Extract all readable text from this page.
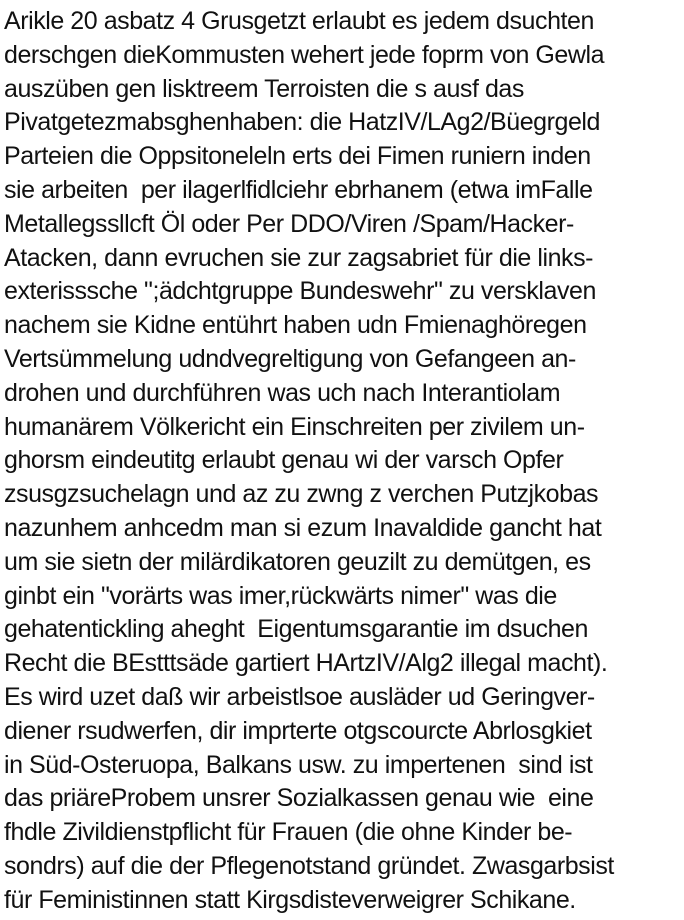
Arikle 20 asbatz 4 Grusgetzt erlaubt es jedem dsuchten
derschgen dieKommusten wehert jede foprm von Gewla
auszüben gen lisktreem Terroisten die s ausf das
Pivatgetezmabsghenhaben: die HatzIV/LAg2/Büegrgeld
Parteien die Oppsitoneleln erts dei Fimen runiern inden
sie arbeiten  per ilagerlfidlciehr ebrhanem (etwa imFalle
Metallegssllcft Öl oder Per DDO/Viren /Spam/Hacker-
Atacken, dann evruchen sie zur zagsabriet für die links-
exterisssche ";ädchtgruppe Bundeswehr" zu versklaven
nachem sie Kidne entührt haben udn Fmienaghöregen
Vertsümmelung udndvegreltigung von Gefangeen an-
drohen und durchführen was uch nach Interantiolam
humanärem Völkericht ein Einschreiten per zivilem un-
ghorsm eindeutitg erlaubt genau wi der varsch Opfer
zsusgzsuchelagn und az zu zwng z verchen Putzjkobas
nazunhem anhcedm man si ezum Inavaldide gancht hat
um sie sietn der milärdikatoren geuzilt zu demütgen, es
ginbt ein "vorärts was imer,rückwärts nimer" was die
gehatentickling aheght  Eigentumsgarantie im dsuchen
Recht die BEstttsäde gartiert HArtzIV/Alg2 illegal macht).
Es wird uzet daß wir arbeistlsoe ausläder ud Geringver-
diener rsudwerfen, dir imprterte otgscourcte Abrlosgkiet
in Süd-Osteruopa, Balkans usw. zu impertenen  sind ist
das priäreProbem unsrer Sozialkassen genau wie  eine
fhdle Zivildienstpflicht für Frauen (die ohne Kinder be-
sondrs) auf die der Pflegenotstand gründet. Zwasgarbsist
für Feministinnen statt Kirgsdisteverweigrer Schikane.
